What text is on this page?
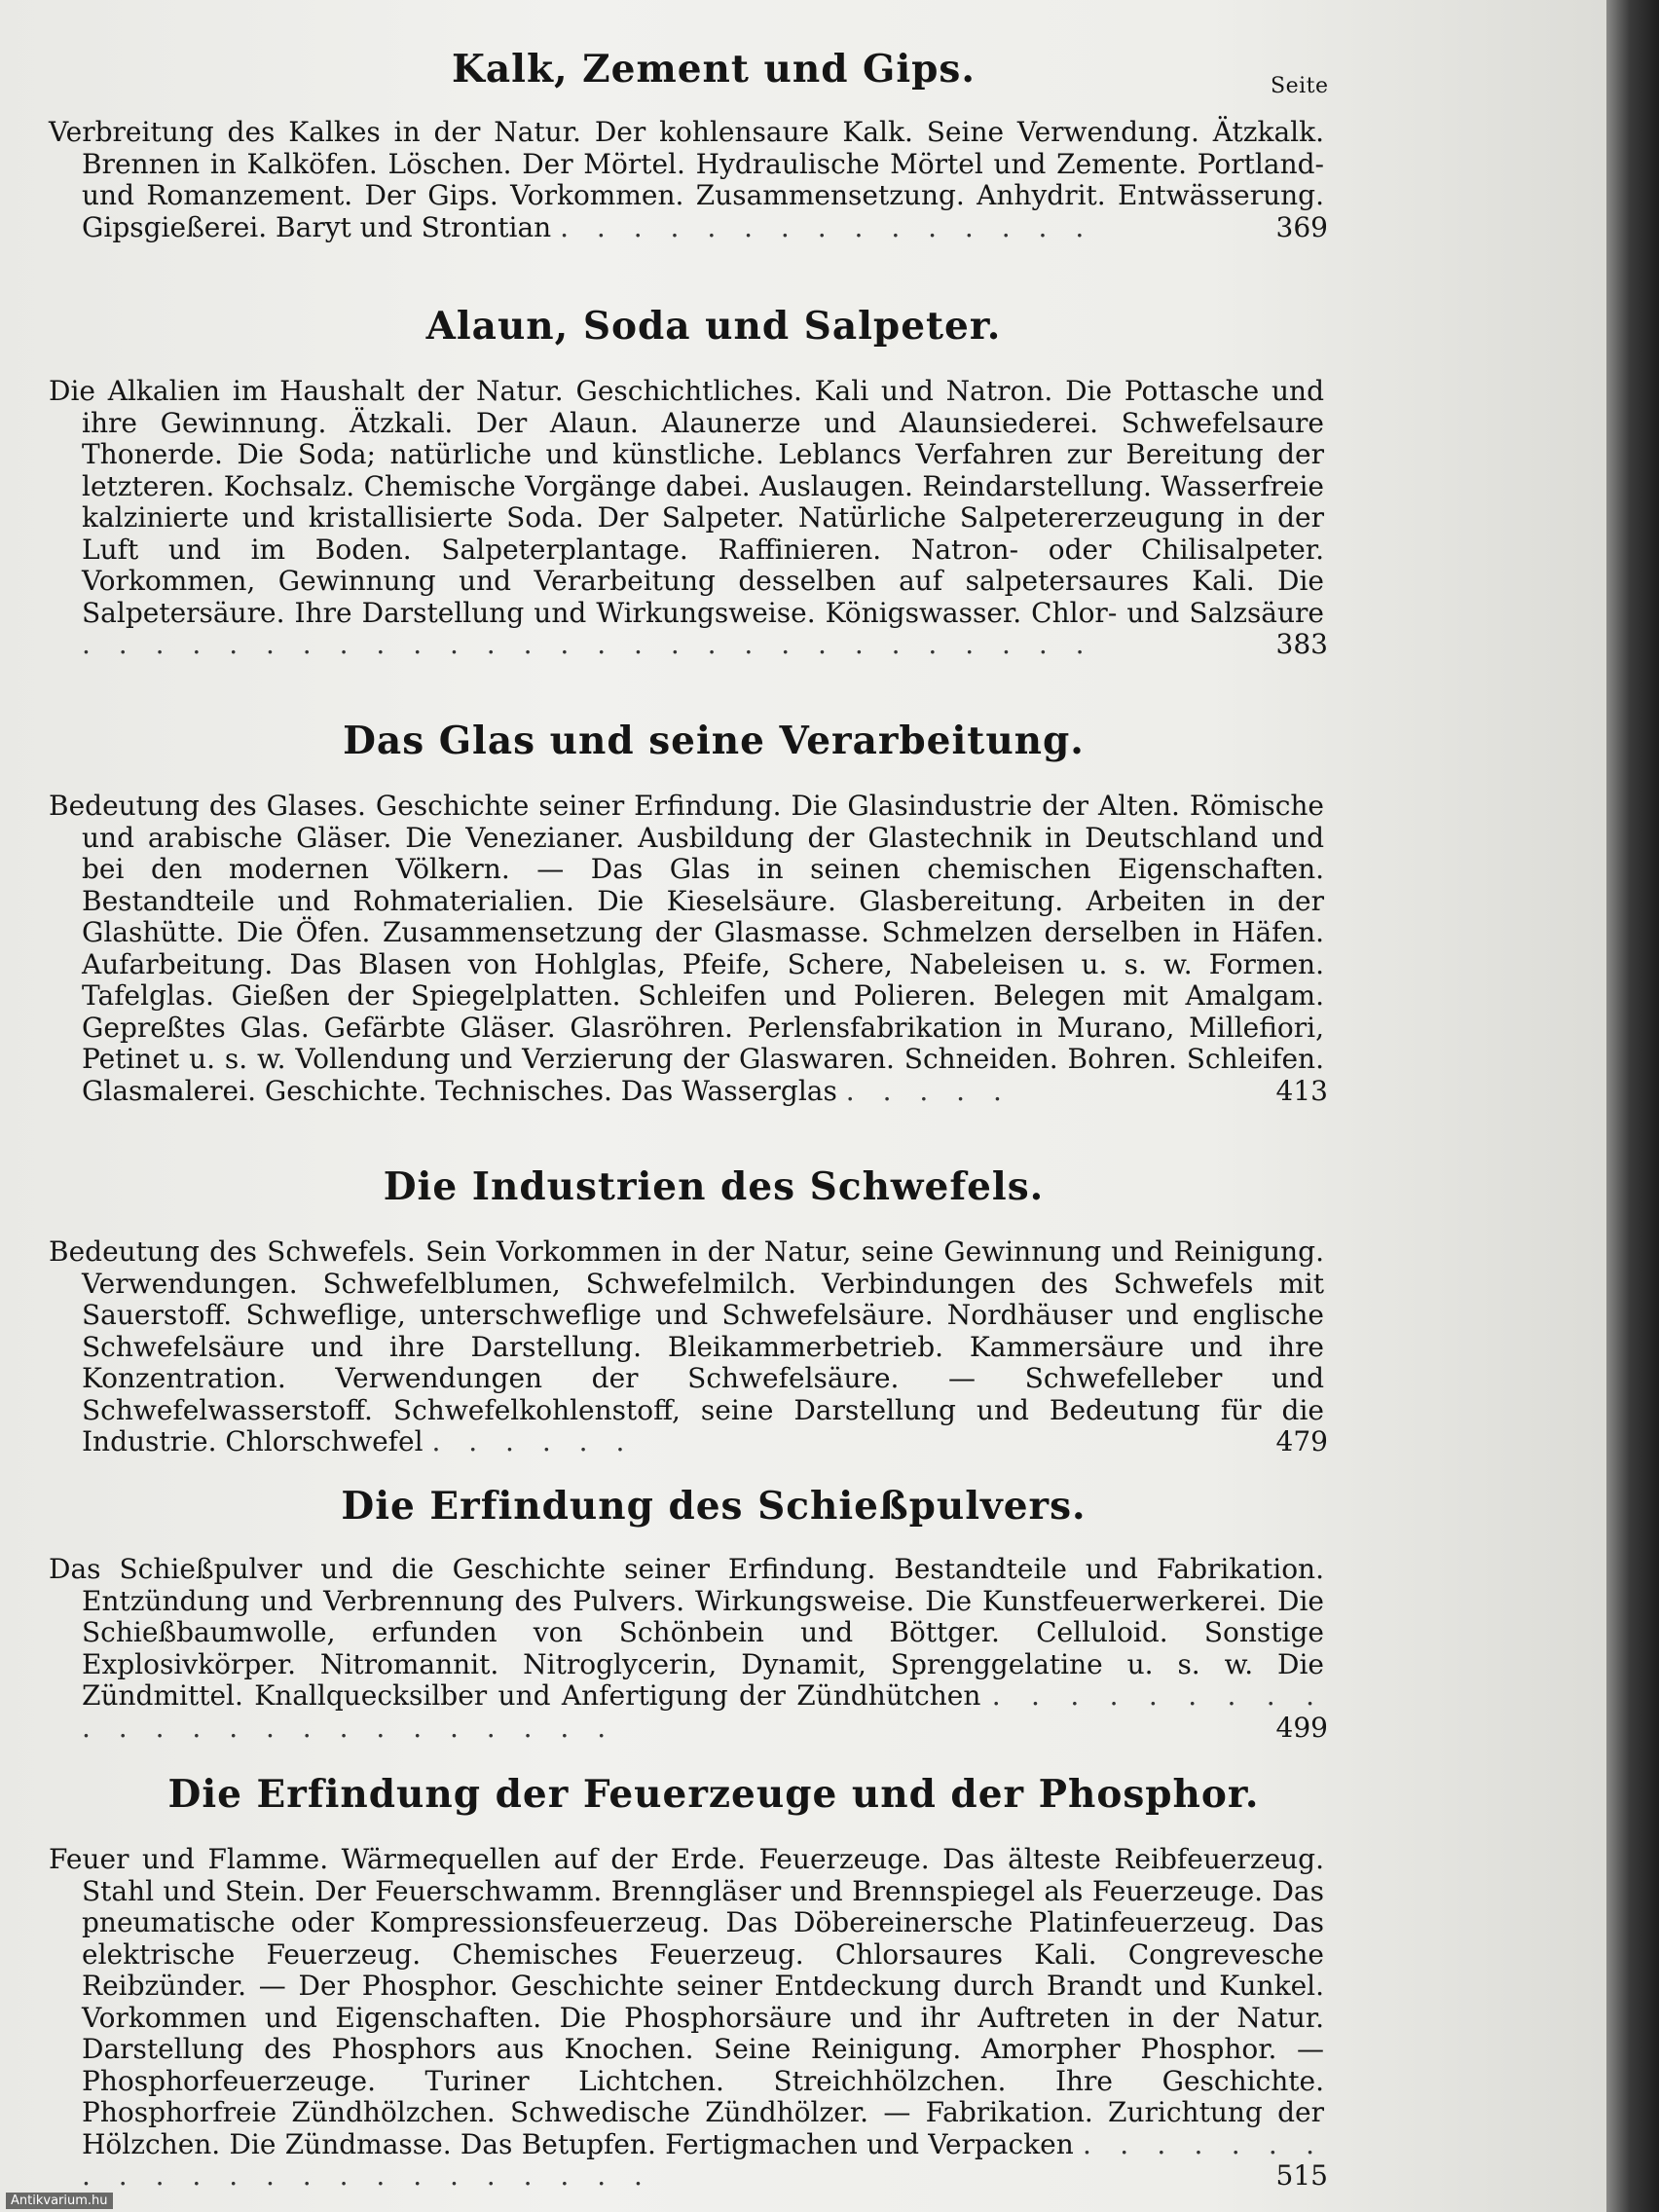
Seite
Kalk, Zement und Gips.
Verbreitung des Kalkes in der Natur. Der kohlensaure Kalk. Seine Verwendung. Ätzkalk. Brennen in Kalköfen. Löschen. Der Mörtel. Hydraulische Mörtel und Zemente. Portland- und Romanzement. Der Gips. Vorkommen. Zusammensetzung. Anhydrit. Entwässerung. Gipsgießerei. Baryt und Strontian . . . . . . . . . . . . . . .	369
Alaun, Soda und Salpeter.
Die Alkalien im Haushalt der Natur. Geschichtliches. Kali und Natron. Die Pottasche und ihre Gewinnung. Ätzkali. Der Alaun. Alaunerze und Alaunsiederei. Schwefelsaure Thonerde. Die Soda; natürliche und künstliche. Leblancs Verfahren zur Bereitung der letzteren. Kochsalz. Chemische Vorgänge dabei. Auslaugen. Reindarstellung. Wasserfreie kalzinierte und kristallisierte Soda. Der Salpeter. Natürliche Salpetererzeugung in der Luft und im Boden. Salpeterplantage. Raffinieren. Natron- oder Chilisalpeter. Vorkommen, Gewinnung und Verarbeitung desselben auf salpetersaures Kali. Die Salpetersäure. Ihre Darstellung und Wirkungsweise. Königswasser. Chlor- und Salzsäure . . . . . . . . . . . . . . . . . . . . . . . . . . . .	383
Das Glas und seine Verarbeitung.
Bedeutung des Glases. Geschichte seiner Erfindung. Die Glasindustrie der Alten. Römische und arabische Gläser. Die Venezianer. Ausbildung der Glastechnik in Deutschland und bei den modernen Völkern. — Das Glas in seinen chemischen Eigenschaften. Bestandteile und Rohmaterialien. Die Kieselsäure. Glasbereitung. Arbeiten in der Glashütte. Die Öfen. Zusammensetzung der Glasmasse. Schmelzen derselben in Häfen. Aufarbeitung. Das Blasen von Hohlglas, Pfeife, Schere, Nabeleisen u. s. w. Formen. Tafelglas. Gießen der Spiegelplatten. Schleifen und Polieren. Belegen mit Amalgam. Gepreßtes Glas. Gefärbte Gläser. Glasröhren. Perlensfabrikation in Murano, Millefiori, Petinet u. s. w. Vollendung und Verzierung der Glaswaren. Schneiden. Bohren. Schleifen. Glasmalerei. Geschichte. Technisches. Das Wasserglas . . . . .	413
Die Industrien des Schwefels.
Bedeutung des Schwefels. Sein Vorkommen in der Natur, seine Gewinnung und Reinigung. Verwendungen. Schwefelblumen, Schwefelmilch. Verbindungen des Schwefels mit Sauerstoff. Schweflige, unterschweflige und Schwefelsäure. Nordhäuser und englische Schwefelsäure und ihre Darstellung. Bleikammerbetrieb. Kammersäure und ihre Konzentration. Verwendungen der Schwefelsäure. — Schwefelleber und Schwefelwasserstoff. Schwefelkohlenstoff, seine Darstellung und Bedeutung für die Industrie. Chlorschwefel . . . . . .	479
Die Erfindung des Schießpulvers.
Das Schießpulver und die Geschichte seiner Erfindung. Bestandteile und Fabrikation. Entzündung und Verbrennung des Pulvers. Wirkungsweise. Die Kunstfeuerwerkerei. Die Schießbaumwolle, erfunden von Schönbein und Böttger. Celluloid. Sonstige Explosivkörper. Nitromannit. Nitroglycerin, Dynamit, Sprenggelatine u. s. w. Die Zündmittel. Knallquecksilber und Anfertigung der Zündhütchen . . . . . . . . . . . . . . . . . . . . . . . .	499
Die Erfindung der Feuerzeuge und der Phosphor.
Feuer und Flamme. Wärmequellen auf der Erde. Feuerzeuge. Das älteste Reibfeuerzeug. Stahl und Stein. Der Feuerschwamm. Brenngläser und Brennspiegel als Feuerzeuge. Das pneumatische oder Kompressionsfeuerzeug. Das Döbereinersche Platinfeuerzeug. Das elektrische Feuerzeug. Chemisches Feuerzeug. Chlorsaures Kali. Congrevesche Reibzünder. — Der Phosphor. Geschichte seiner Entdeckung durch Brandt und Kunkel. Vorkommen und Eigenschaften. Die Phosphorsäure und ihr Auftreten in der Natur. Darstellung des Phosphors aus Knochen. Seine Reinigung. Amorpher Phosphor. — Phosphorfeuerzeuge. Turiner Lichtchen. Streichhölzchen. Ihre Geschichte. Phosphorfreie Zündhölzchen. Schwedische Zündhölzer. — Fabrikation. Zurichtung der Hölzchen. Die Zündmasse. Das Betupfen. Fertigmachen und Verpacken . . . . . . . . . . . . . . . . . . . . . . .	515
Antikvarium.hu
